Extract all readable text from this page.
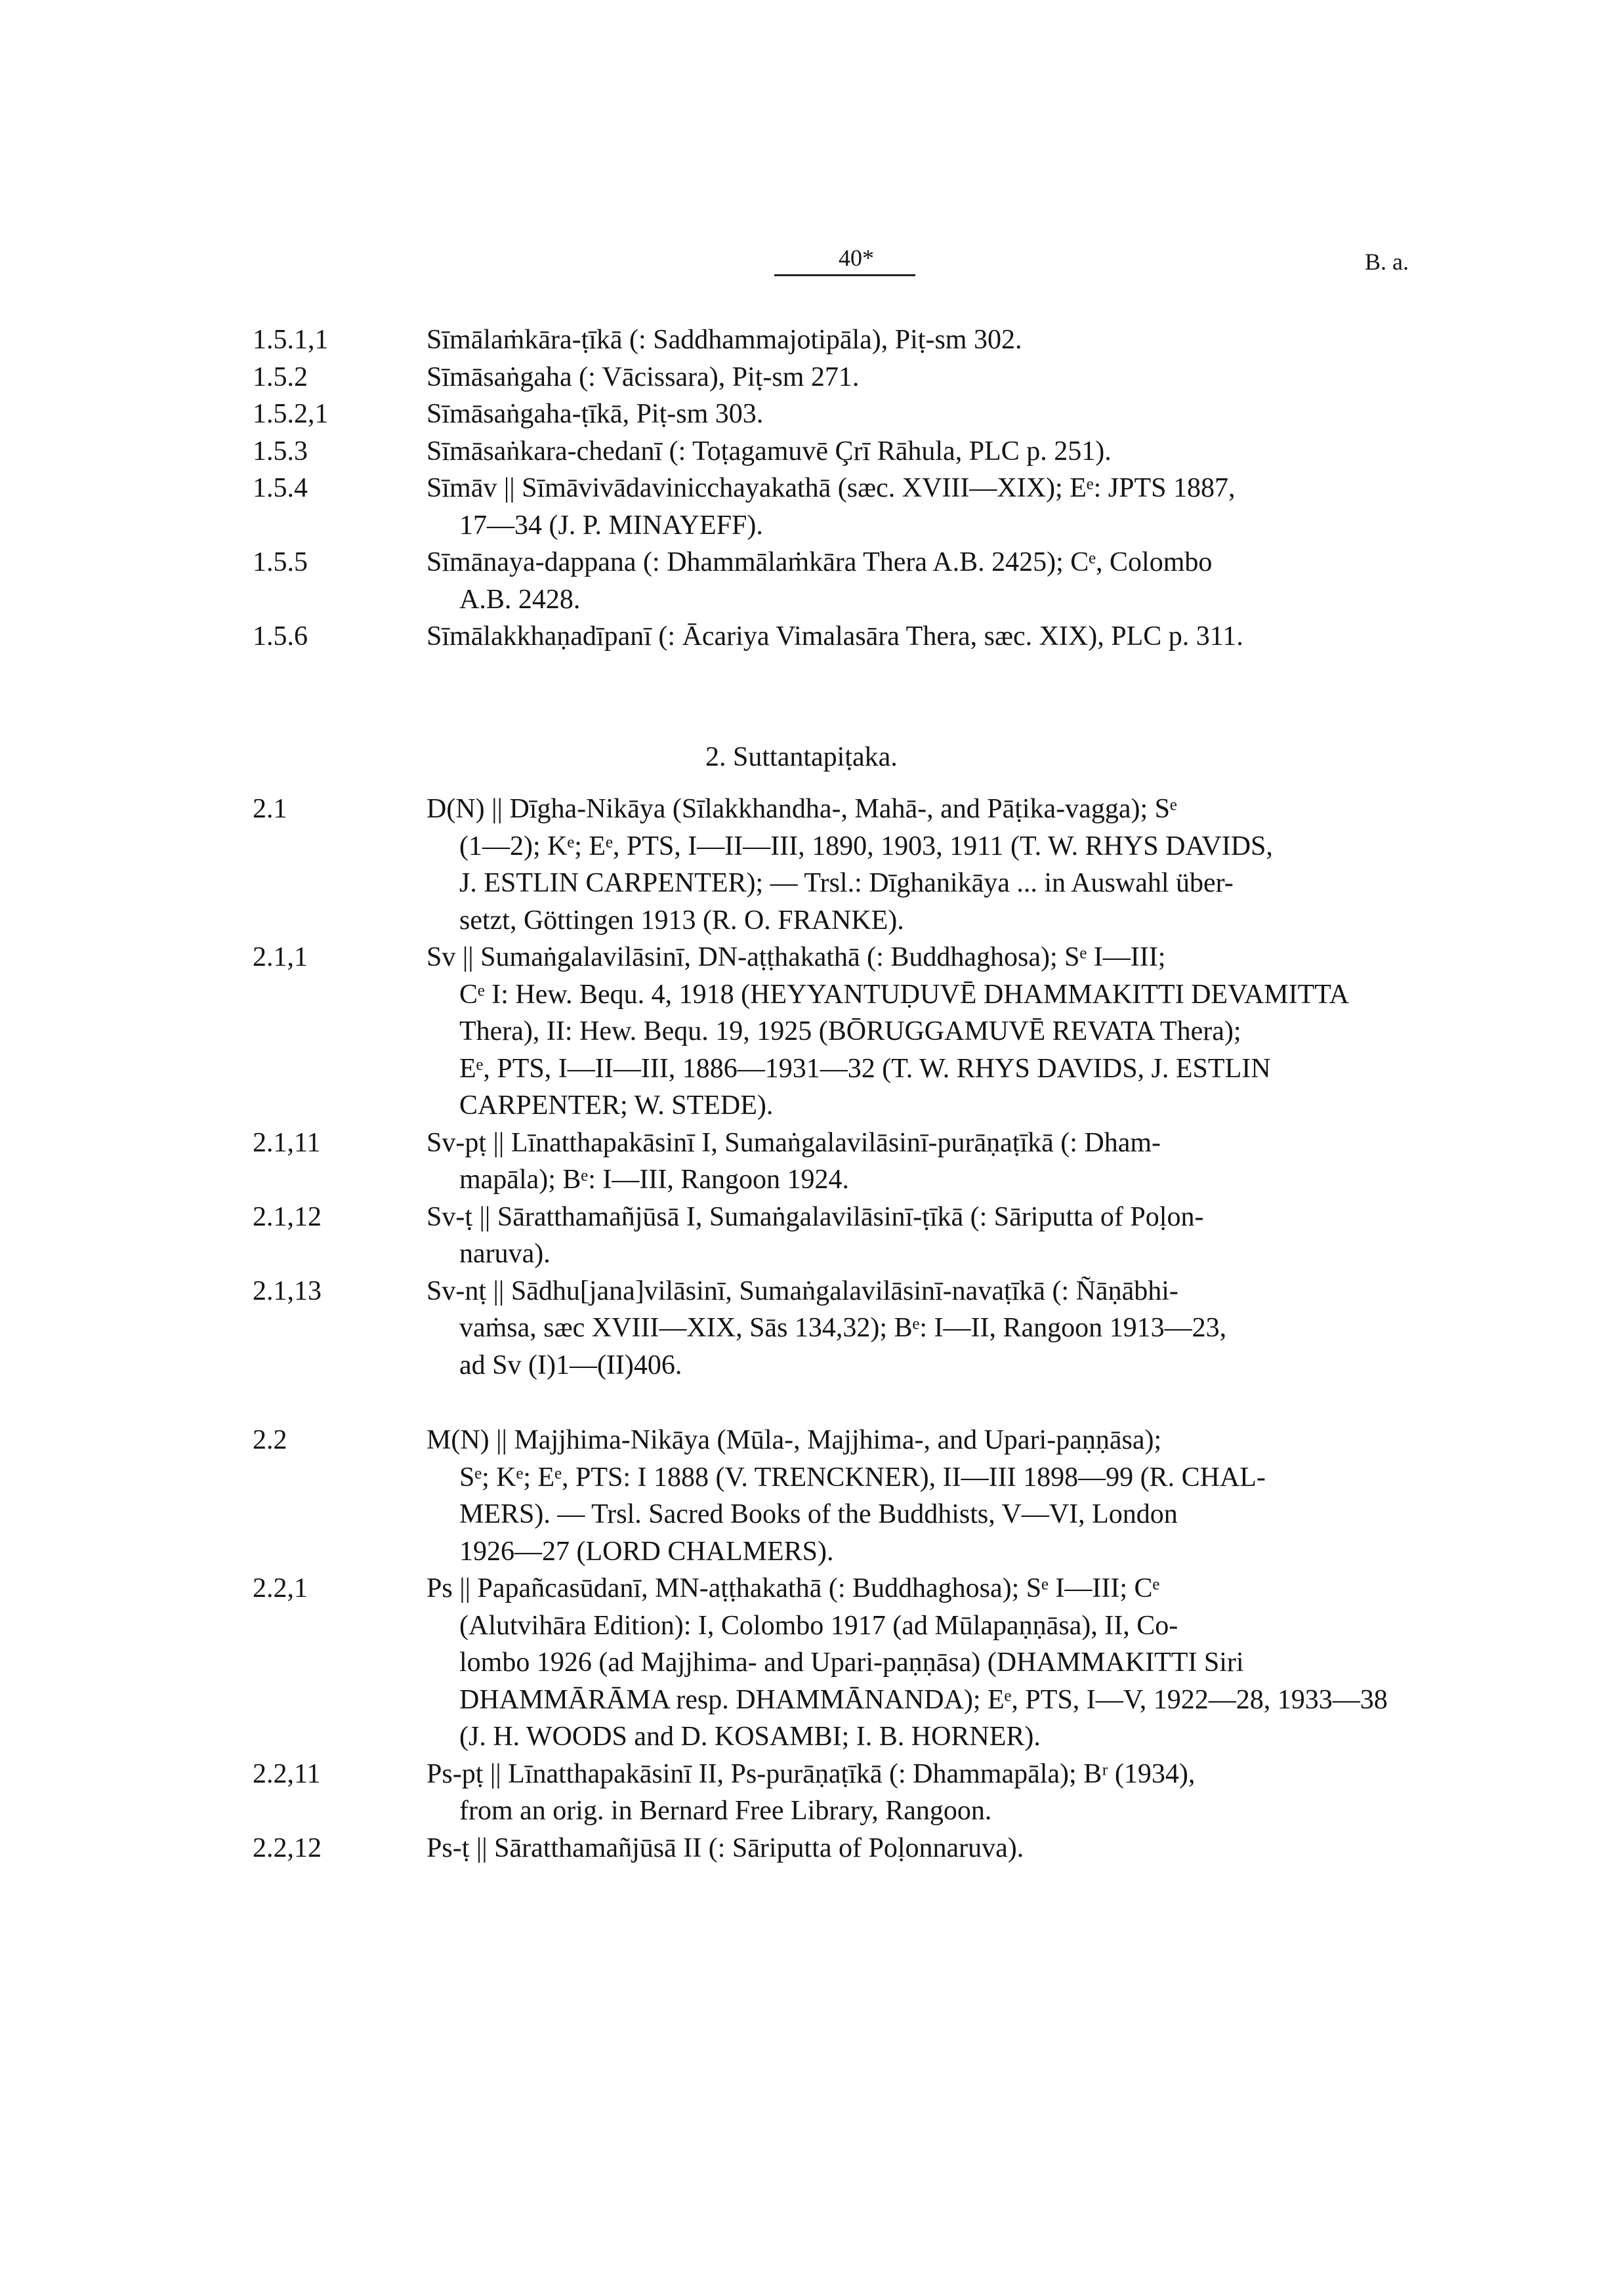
40*	B. a.
1.5.1,1	Sīmālaṁkāra-ṭīkā (: Saddhammajotipāla), Piṭ-sm 302.
1.5.2	Sīmāsaṅgaha (: Vācissara), Piṭ-sm 271.
1.5.2,1	Sīmāsaṅgaha-ṭīkā, Piṭ-sm 303.
1.5.3	Sīmāsaṅkara-chedanī (: Toṭagamuvē Çrī Rāhula, PLC p. 251).
1.5.4	Sīmāv || Sīmāvivādavinicchayakathā (sæc. XVIII—XIX); Eᵉ: JPTS 1887,
17—34 (J. P. MINAYEFF).
1.5.5	Sīmānaya-dappana (: Dhammālaṁkāra Thera A.B. 2425); Cᵉ, Colombo
A.B. 2428.
1.5.6	Sīmālakkhaṇadīpanī (: Ācariya Vimalasāra Thera, sæc. XIX), PLC p. 311.
2.1	D(N) || Dīgha-Nikāya (Sīlakkhandha-, Mahā-, and Pāṭika-vagga); Sᵉ
(1—2); Kᵉ; Eᵉ, PTS, I—II—III, 1890, 1903, 1911 (T. W. RHYS DAVIDS,
J. ESTLIN CARPENTER); — Trsl.: Dīghanikāya ... in Auswahl über-
setzt, Göttingen 1913 (R. O. FRANKE).
2.1,1	Sv || Sumaṅgalavilāsinī, DN-aṭṭhakathā (: Buddhaghosa); Sᵉ I—III;
Cᵉ I: Hew. Bequ. 4, 1918 (HEYYANTUḌUVĒ DHAMMAKITTI DEVAMITTA
Thera), II: Hew. Bequ. 19, 1925 (BŌRUGGAMUVĒ REVATA Thera);
Eᵉ, PTS, I—II—III, 1886—1931—32 (T. W. RHYS DAVIDS, J. ESTLIN
CARPENTER; W. STEDE).
2.1,11	Sv-pṭ || Līnatthapakāsinī I, Sumaṅgalavilāsinī-purāṇaṭīkā (: Dham-
mapāla); Bᵉ: I—III, Rangoon 1924.
2.1,12	Sv-ṭ || Sāratthamañjūsā I, Sumaṅgalavilāsinī-ṭīkā (: Sāriputta of Poḷon-
naruva).
2.1,13	Sv-nṭ || Sādhu[jana]vilāsinī, Sumaṅgalavilāsinī-navaṭīkā (: Ñāṇābhi-
vaṁsa, sæc XVIII—XIX, Sās 134,32); Bᵉ: I—II, Rangoon 1913—23,
ad Sv (I)1—(II)406.
2.2	M(N) || Majjhima-Nikāya (Mūla-, Majjhima-, and Upari-paṇṇāsa);
Sᵉ; Kᵉ; Eᵉ, PTS: I 1888 (V. TRENCKNER), II—III 1898—99 (R. CHAL-
MERS). — Trsl. Sacred Books of the Buddhists, V—VI, London
1926—27 (LORD CHALMERS).
2.2,1	Ps || Papañcasūdanī, MN-aṭṭhakathā (: Buddhaghosa); Sᵉ I—III; Cᵉ
(Alutvihāra Edition): I, Colombo 1917 (ad Mūlapaṇṇāsa), II, Co-
lombo 1926 (ad Majjhima- and Upari-paṇṇāsa) (DHAMMAKITTI Siri
DHAMMĀRĀMA resp. DHAMMĀNANDA); Eᵉ, PTS, I—V, 1922—28, 1933—38
(J. H. WOODS and D. KOSAMBI; I. B. HORNER).
2.2,11	Ps-pṭ || Līnatthapakāsinī II, Ps-purāṇaṭīkā (: Dhammapāla); Bʳ (1934),
from an orig. in Bernard Free Library, Rangoon.
2.2,12	Ps-ṭ || Sāratthamañjūsā II (: Sāriputta of Poḷonnaruva).
2. Suttantapiṭaka.
